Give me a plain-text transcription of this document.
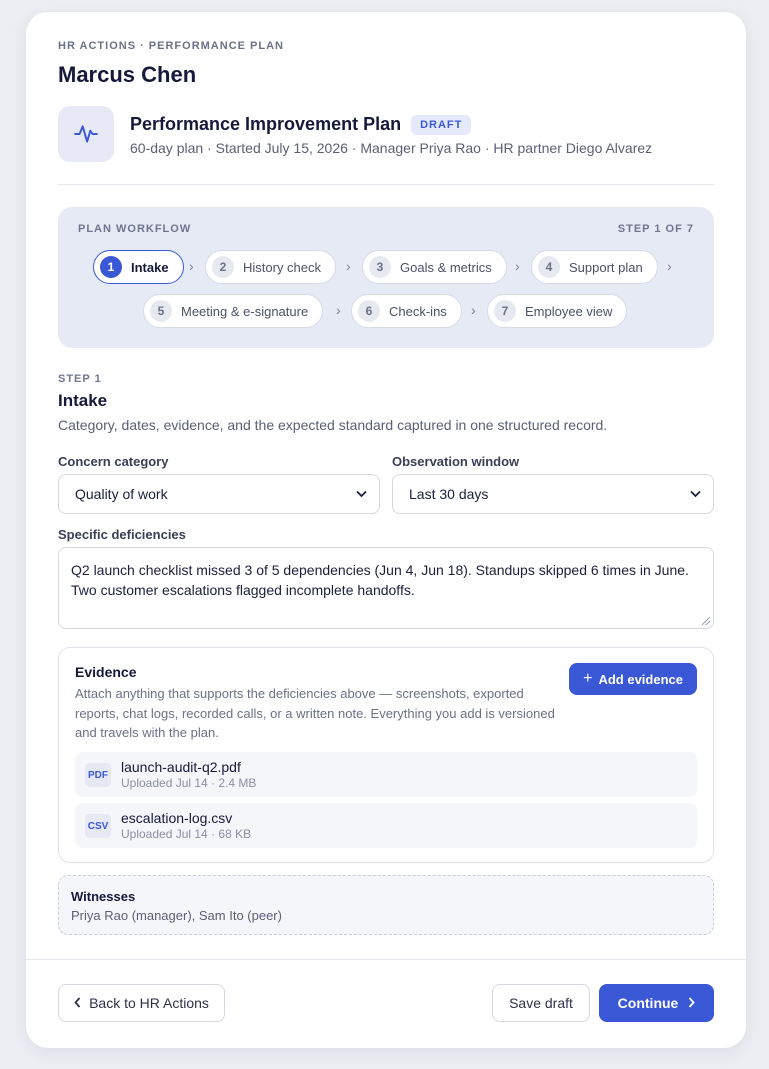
HR ACTIONS · PERFORMANCE PLAN
Marcus Chen
Performance Improvement Plan	DRAFT
60-day plan · Started July 15, 2026 · Manager Priya Rao · HR partner Diego Alvarez
PLAN WORKFLOW	STEP 1 OF 7
1	Intake ›	2	History check ›	3	Goals & metrics ›	4	Support plan ›
5	Meeting & e-signature ›	6	Check-ins ›	7	Employee view
STEP 1
Intake
Category, dates, evidence, and the expected standard captured in one structured record.
Concern category
Quality of work
Observation window
Last 30 days
Specific deficiencies
Q2 launch checklist missed 3 of 5 dependencies (Jun 4, Jun 18). Standups skipped 6 times in June.
Two customer escalations flagged incomplete handoffs.
Evidence
Attach anything that supports the deficiencies above — screenshots, exported reports, chat logs, recorded calls, or a written note. Everything you add is versioned and travels with the plan.
+ Add evidence
PDF launch-audit-q2.pdf
Uploaded Jul 14 · 2.4 MB
CSV escalation-log.csv
Uploaded Jul 14 · 68 KB
Witnesses
Priya Rao (manager), Sam Ito (peer)
Back to HR Actions	Save draft	Continue
